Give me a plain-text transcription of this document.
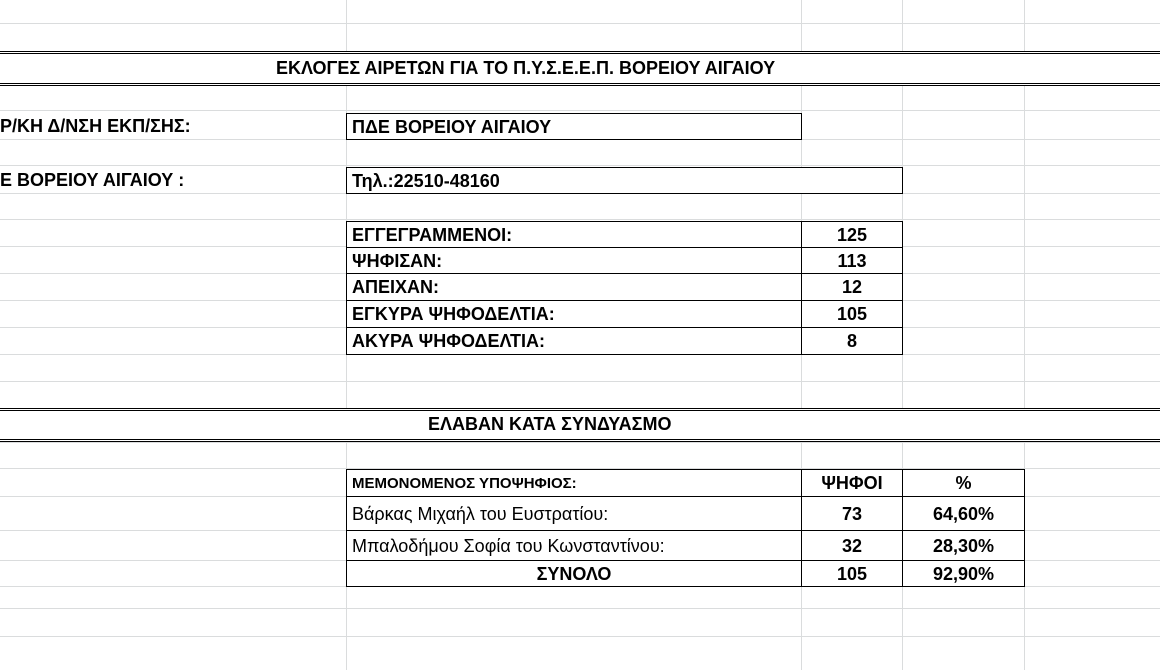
ΕΚΛΟΓΕΣ ΑΙΡΕΤΩΝ ΓΙΑ ΤΟ Π.Υ.Σ.Ε.Ε.Π. ΒΟΡΕΙΟΥ ΑΙΓΑΙΟΥ
Ρ/ΚΗ Δ/ΝΣΗ ΕΚΠ/ΣΗΣ:	ΠΔΕ ΒΟΡΕΙΟΥ ΑΙΓΑΙΟΥ
Ε ΒΟΡΕΙΟΥ ΑΙΓΑΙΟΥ :	Τηλ.:22510-48160
ΕΓΓΕΓΡΑΜΜΕΝΟΙ:	125
ΨΗΦΙΣΑΝ:	113
ΑΠΕΙΧΑΝ:	12
ΕΓΚΥΡΑ ΨΗΦΟΔΕΛΤΙΑ:	105
ΑΚΥΡΑ ΨΗΦΟΔΕΛΤΙΑ:	8
ΕΛΑΒΑΝ ΚΑΤΑ ΣΥΝΔΥΑΣΜΟ
ΜΕΜΟΝΟΜΕΝΟΣ ΥΠΟΨΗΦΙΟΣ:	ΨΗΦΟΙ	%
Βάρκας Μιχαήλ του Ευστρατίου:	73	64,60%
Μπαλοδήμου Σοφία του Κωνσταντίνου:	32	28,30%
ΣΥΝΟΛΟ	105	92,90%
